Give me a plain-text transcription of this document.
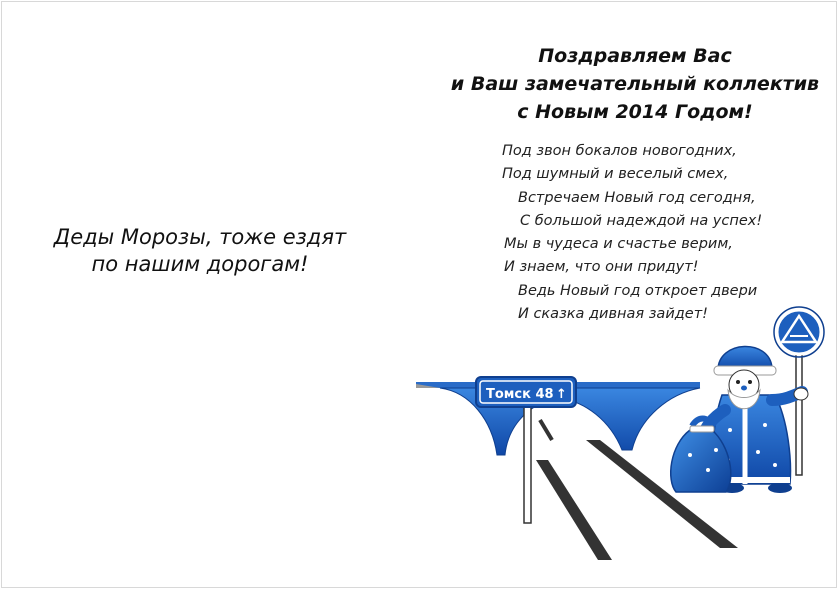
Деды Морозы, тоже ездят
по нашим дорогам!
Поздравляем Вас
и Ваш замечательный коллектив
с Новым 2014 Годом!
Под звон бокалов новогодних,
Под шумный и веселый смех,
Встречаем Новый год сегодня,
С большой надеждой на успех!
Мы в чудеса и счастье верим,
И знаем, что они придут!
Ведь Новый год откроет двери
И сказка дивная зайдет!
Томск 48 ↑
